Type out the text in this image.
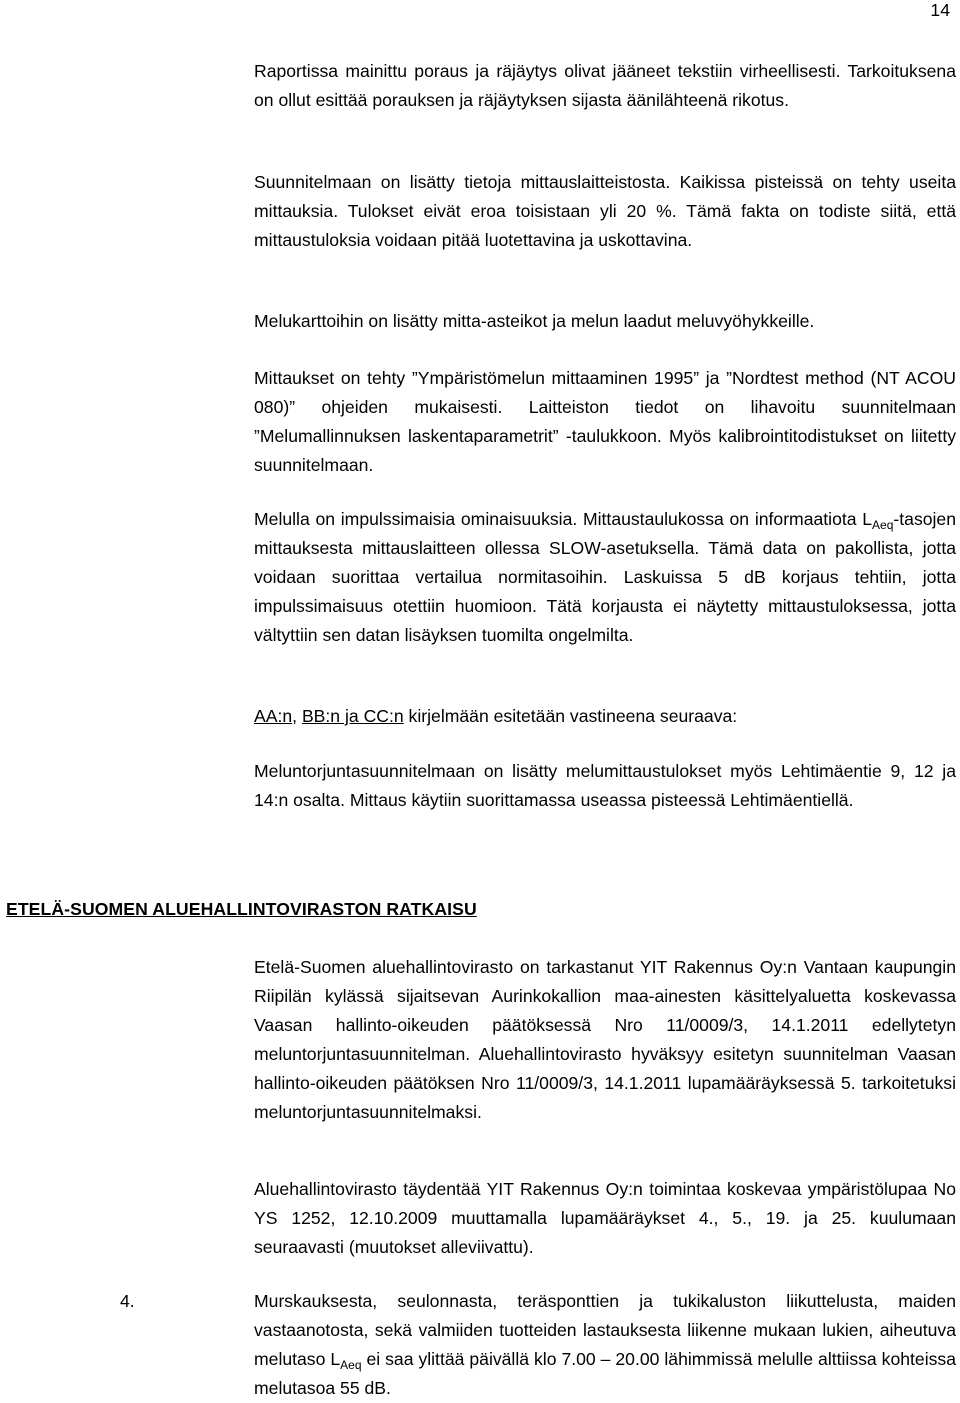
14

Raportissa mainittu poraus ja räjäytys olivat jääneet tekstiin virheellisesti. Tarkoituksena on ollut esittää porauksen ja räjäytyksen sijasta äänilähteenä rikotus.

Suunnitelmaan on lisätty tietoja mittauslaitteistosta. Kaikissa pisteissä on tehty useita mittauksia. Tulokset eivät eroa toisistaan yli 20 %. Tämä fakta on todiste siitä, että mittaustuloksia voidaan pitää luotettavina ja uskottavina.

Melukarttoihin on lisätty mitta-asteikot ja melun laadut meluvyöhykkeille.

Mittaukset on tehty ”Ympäristömelun mittaaminen 1995” ja ”Nordtest method (NT ACOU 080)” ohjeiden mukaisesti. Laitteiston tiedot on lihavoitu suunnitelmaan ”Melumallinnuksen laskentaparametrit” -taulukkoon. Myös kalibrointitodistukset on liitetty suunnitelmaan.

Melulla on impulssimaisia ominaisuuksia. Mittaustaulukossa on informaatiota $L_{Aeq}$-tasojen mittauksesta mittauslaitteen ollessa SLOW-asetuksella. Tämä data on pakollista, jotta voidaan suorittaa vertailua normitasoihin. Laskuissa 5 dB korjaus tehtiin, jotta impulssimaisuus otettiin huomioon. Tätä korjausta ei näytetty mittaustuloksessa, jotta vältyttiin sen datan lisäyksen tuomilta ongelmilta.

AA:n, BB:n ja CC:n kirjelmään esitetään vastineena seuraava:

Meluntorjuntasuunnitelmaan on lisätty melumittaustulokset myös Lehtimäentie 9, 12 ja 14:n osalta. Mittaus käytiin suorittamassa useassa pisteessä Lehtimäentiellä.

ETELÄ-SUOMEN ALUEHALLINTOVIRASTON RATKAISU

Etelä-Suomen aluehallintovirasto on tarkastanut YIT Rakennus Oy:n Vantaan kaupungin Riipilän kylässä sijaitsevan Aurinkokallion maa-ainesten käsittelyaluetta koskevassa Vaasan hallinto-oikeuden päätöksessä Nro 11/0009/3, 14.1.2011 edellytetyn meluntorjuntasuunnitelman. Aluehallintovirasto hyväksyy esitetyn suunnitelman Vaasan hallinto-oikeuden päätöksen Nro 11/0009/3, 14.1.2011 lupamääräyksessä 5. tarkoitetuksi meluntorjuntasuunnitelmaksi.

Aluehallintovirasto täydentää YIT Rakennus Oy:n toimintaa koskevaa ympäristölupaa No YS 1252, 12.10.2009 muuttamalla lupamääräykset 4., 5., 19. ja 25. kuulumaan seuraavasti (muutokset alleviivattu).

4.	Murskauksesta, seulonnasta, teräsponttien ja tukikaluston liikuttelusta, maiden vastaanotosta, sekä valmiiden tuotteiden lastauksesta liikenne mukaan lukien, aiheutuva melutaso $L_{Aeq}$ ei saa ylittää päivällä klo 7.00 – 20.00 lähimmissä melulle alttiissa kohteissa melutasoa 55 dB.
